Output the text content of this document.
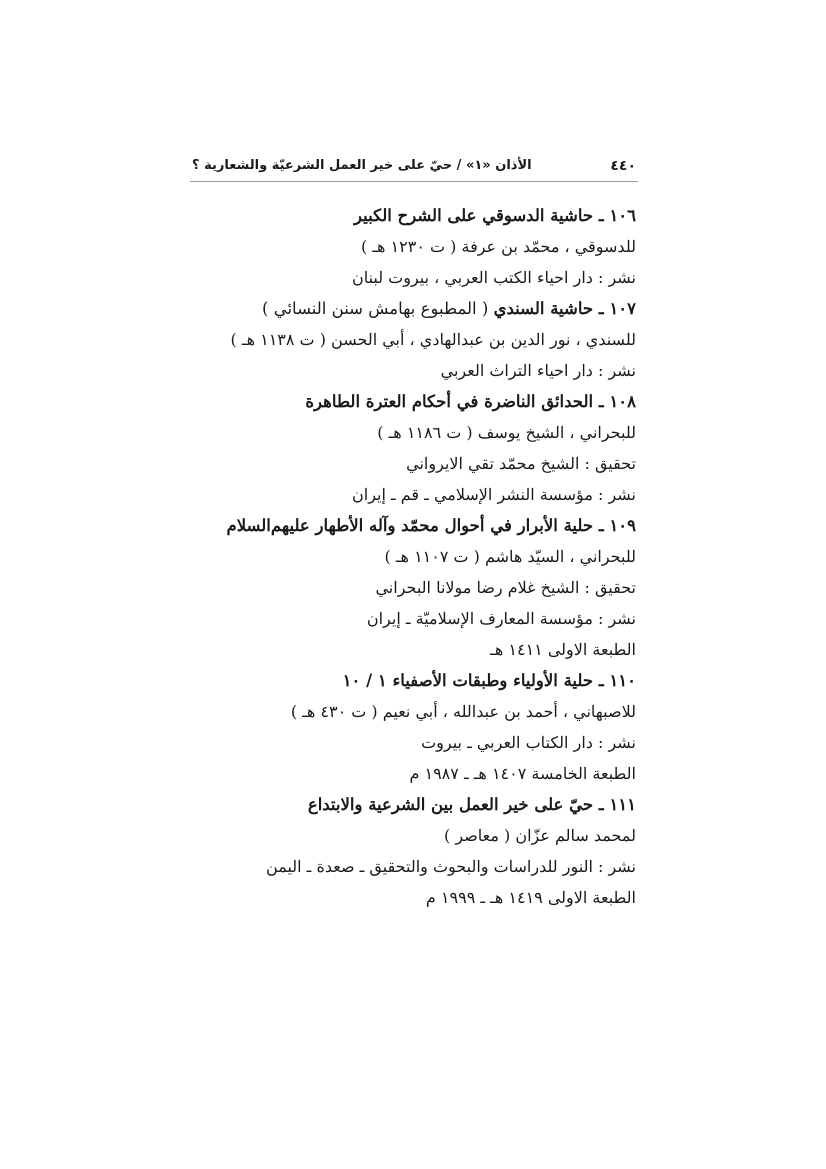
٤٤٠
الأذان «١» / حيّ على خير العمل الشرعيّة والشعارية ؟
١٠٦ ـ حاشية الدسوقي على الشرح الكبير
للدسوقي ، محمّد بن عرفة ( ت ١٢٣٠ هـ )
نشر : دار احياء الكتب العربي ، بيروت لبنان
١٠٧ ـ حاشية السندي ( المطبوع بهامش سنن النسائي )
للسندي ، نور الدين بن عبدالهادي ، أبي الحسن ( ت ١١٣٨ هـ )
نشر : دار احياء التراث العربي
١٠٨ ـ الحدائق الناضرة في أحكام العترة الطاهرة
للبحراني ، الشيخ يوسف ( ت ١١٨٦ هـ )
تحقيق : الشيخ محمّد تقي الايرواني
نشر : مؤسسة النشر الإسلامي ـ قم ـ إيران
١٠٩ ـ حلية الأبرار في أحوال محمّد وآله الأطهار عليهم‌السلام
للبحراني ، السيّد هاشم ( ت ١١٠٧ هـ )
تحقيق : الشيخ غلام رضا مولانا البحراني
نشر : مؤسسة المعارف الإسلاميّة ـ إيران
الطبعة الاولى ١٤١١ هـ
١١٠ ـ حلية الأولياء وطبقات الأصفياء ١ / ١٠
للاصبهاني ، أحمد بن عبدالله ، أبي نعيم ( ت ٤٣٠ هـ )
نشر : دار الكتاب العربي ـ بيروت
الطبعة الخامسة ١٤٠٧ هـ ـ ١٩٨٧ م
١١١ ـ حيّ على خير العمل بين الشرعية والابتداع
لمحمد سالم عزّان ( معاصر )
نشر : النور للدراسات والبحوث والتحقيق ـ صعدة ـ اليمن
الطبعة الاولى ١٤١٩ هـ ـ ١٩٩٩ م
